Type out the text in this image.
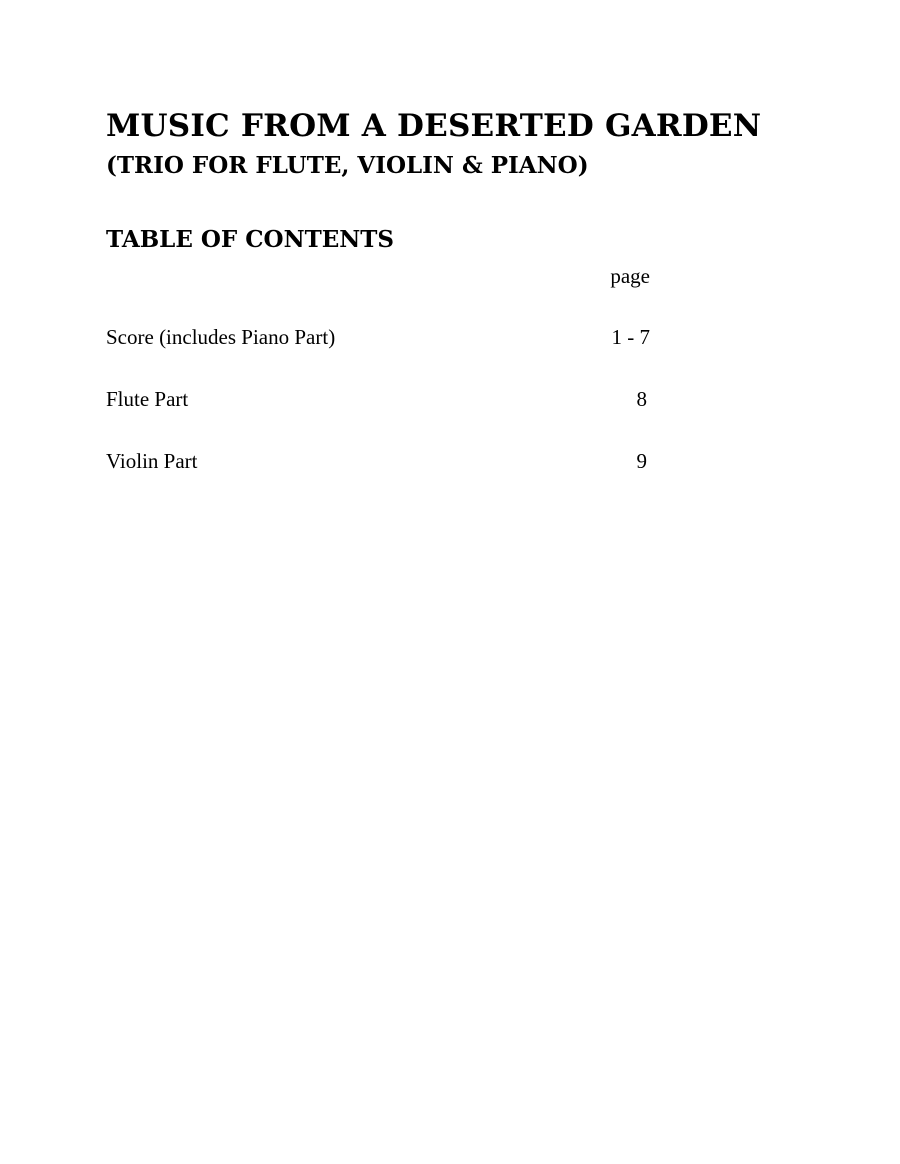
MUSIC FROM A DESERTED GARDEN
(TRIO FOR FLUTE, VIOLIN & PIANO)
TABLE OF CONTENTS
page
Score (includes Piano Part)	1 - 7
Flute Part	8
Violin Part	9
